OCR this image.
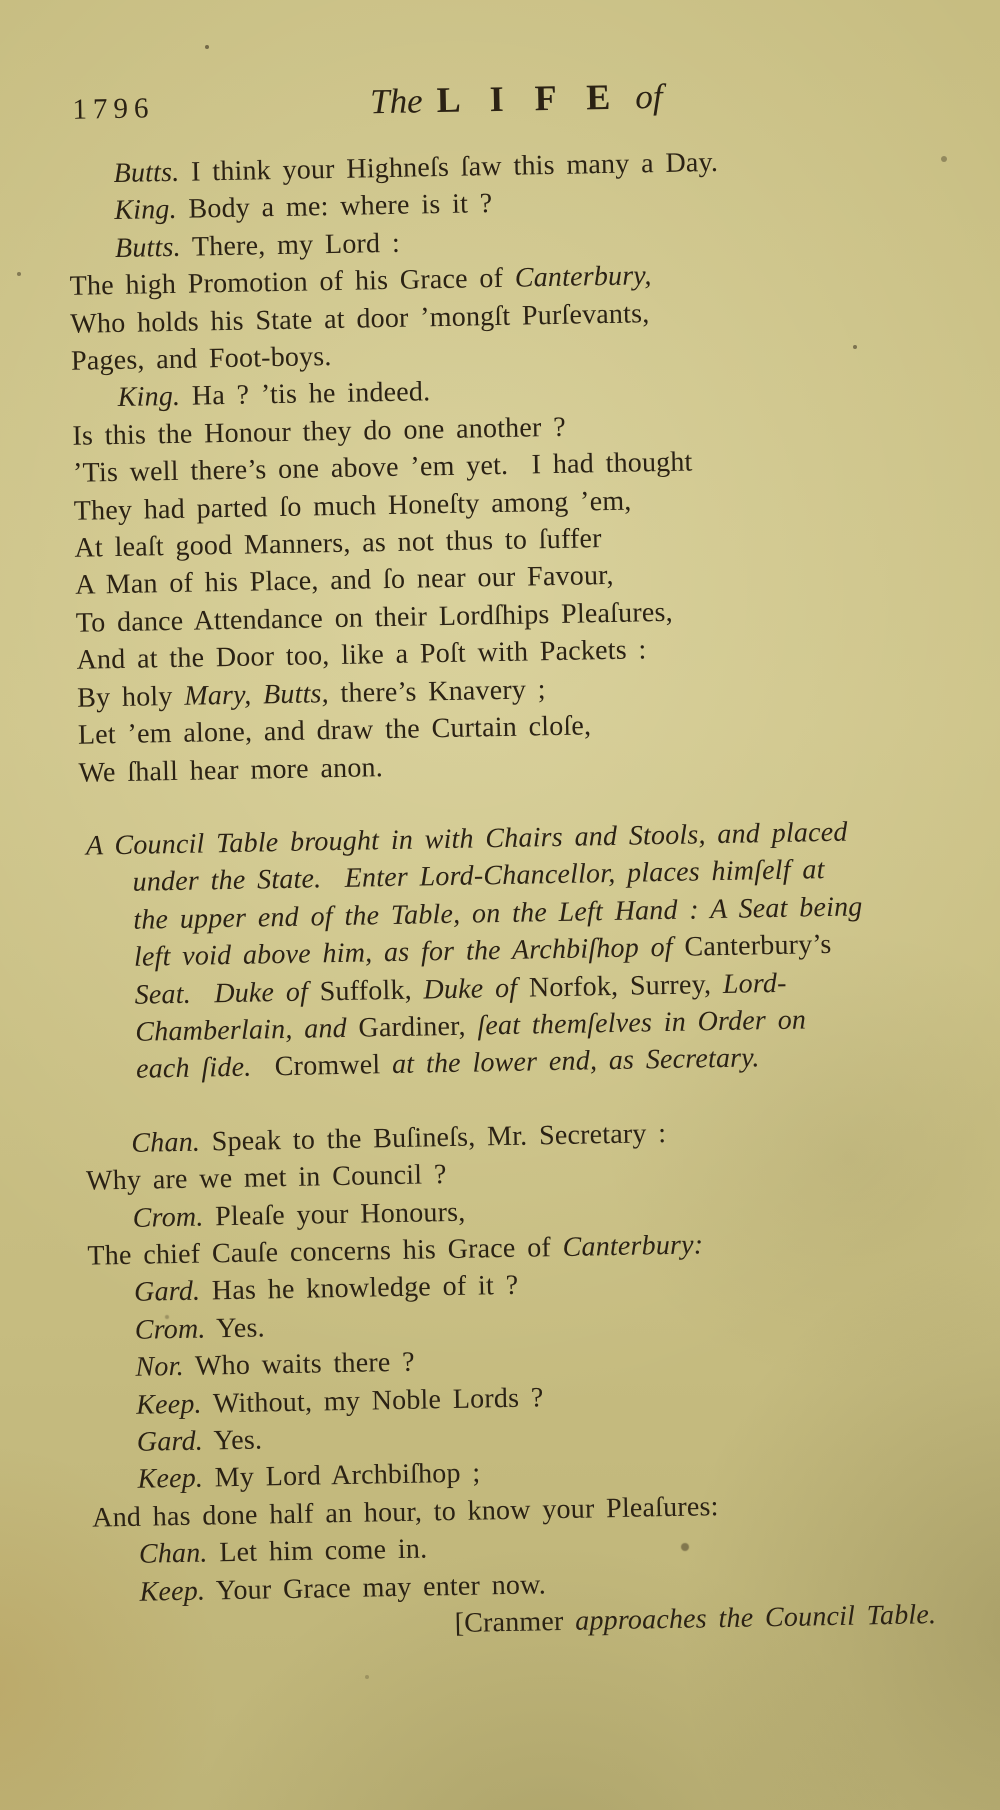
1796	The L I F E of
Butts. I think your Highneſs ſaw this many a Day.
King. Body a me: where is it ?
Butts. There, my Lord :
The high Promotion of his Grace of Canterbury,
Who holds his State at door ’mongſt Purſevants,
Pages, and Foot-boys.
King. Ha ? ’tis he indeed.
Is this the Honour they do one another ?
’Tis well there’s one above ’em yet.  I had thought
They had parted ſo much Honeſty among ’em,
At leaſt good Manners, as not thus to ſuffer
A Man of his Place, and ſo near our Favour,
To dance Attendance on their Lordſhips Pleaſures,
And at the Door too, like a Poſt with Packets :
By holy Mary, Butts, there’s Knavery ;
Let ’em alone, and draw the Curtain cloſe,
We ſhall hear more anon.
A Council Table brought in with Chairs and Stools, and placed
under the State.  Enter Lord-Chancellor, places himſelf at
the upper end of the Table, on the Left Hand : A Seat being
left void above him, as for the Archbiſhop of Canterbury’s
Seat.  Duke of Suffolk, Duke of Norfok, Surrey, Lord-
Chamberlain, and Gardiner, ſeat themſelves in Order on
each ſide.  Cromwel at the lower end, as Secretary.
Chan. Speak to the Buſineſs, Mr. Secretary :
Why are we met in Council ?
Crom. Pleaſe your Honours,
The chief Cauſe concerns his Grace of Canterbury:
Gard. Has he knowledge of it ?
Crom. Yes.
Nor. Who waits there ?
Keep. Without, my Noble Lords ?
Gard. Yes.
Keep. My Lord Archbiſhop ;
And has done half an hour, to know your Pleaſures:
Chan. Let him come in.
Keep. Your Grace may enter now.
[Cranmer approaches the Council Table.
